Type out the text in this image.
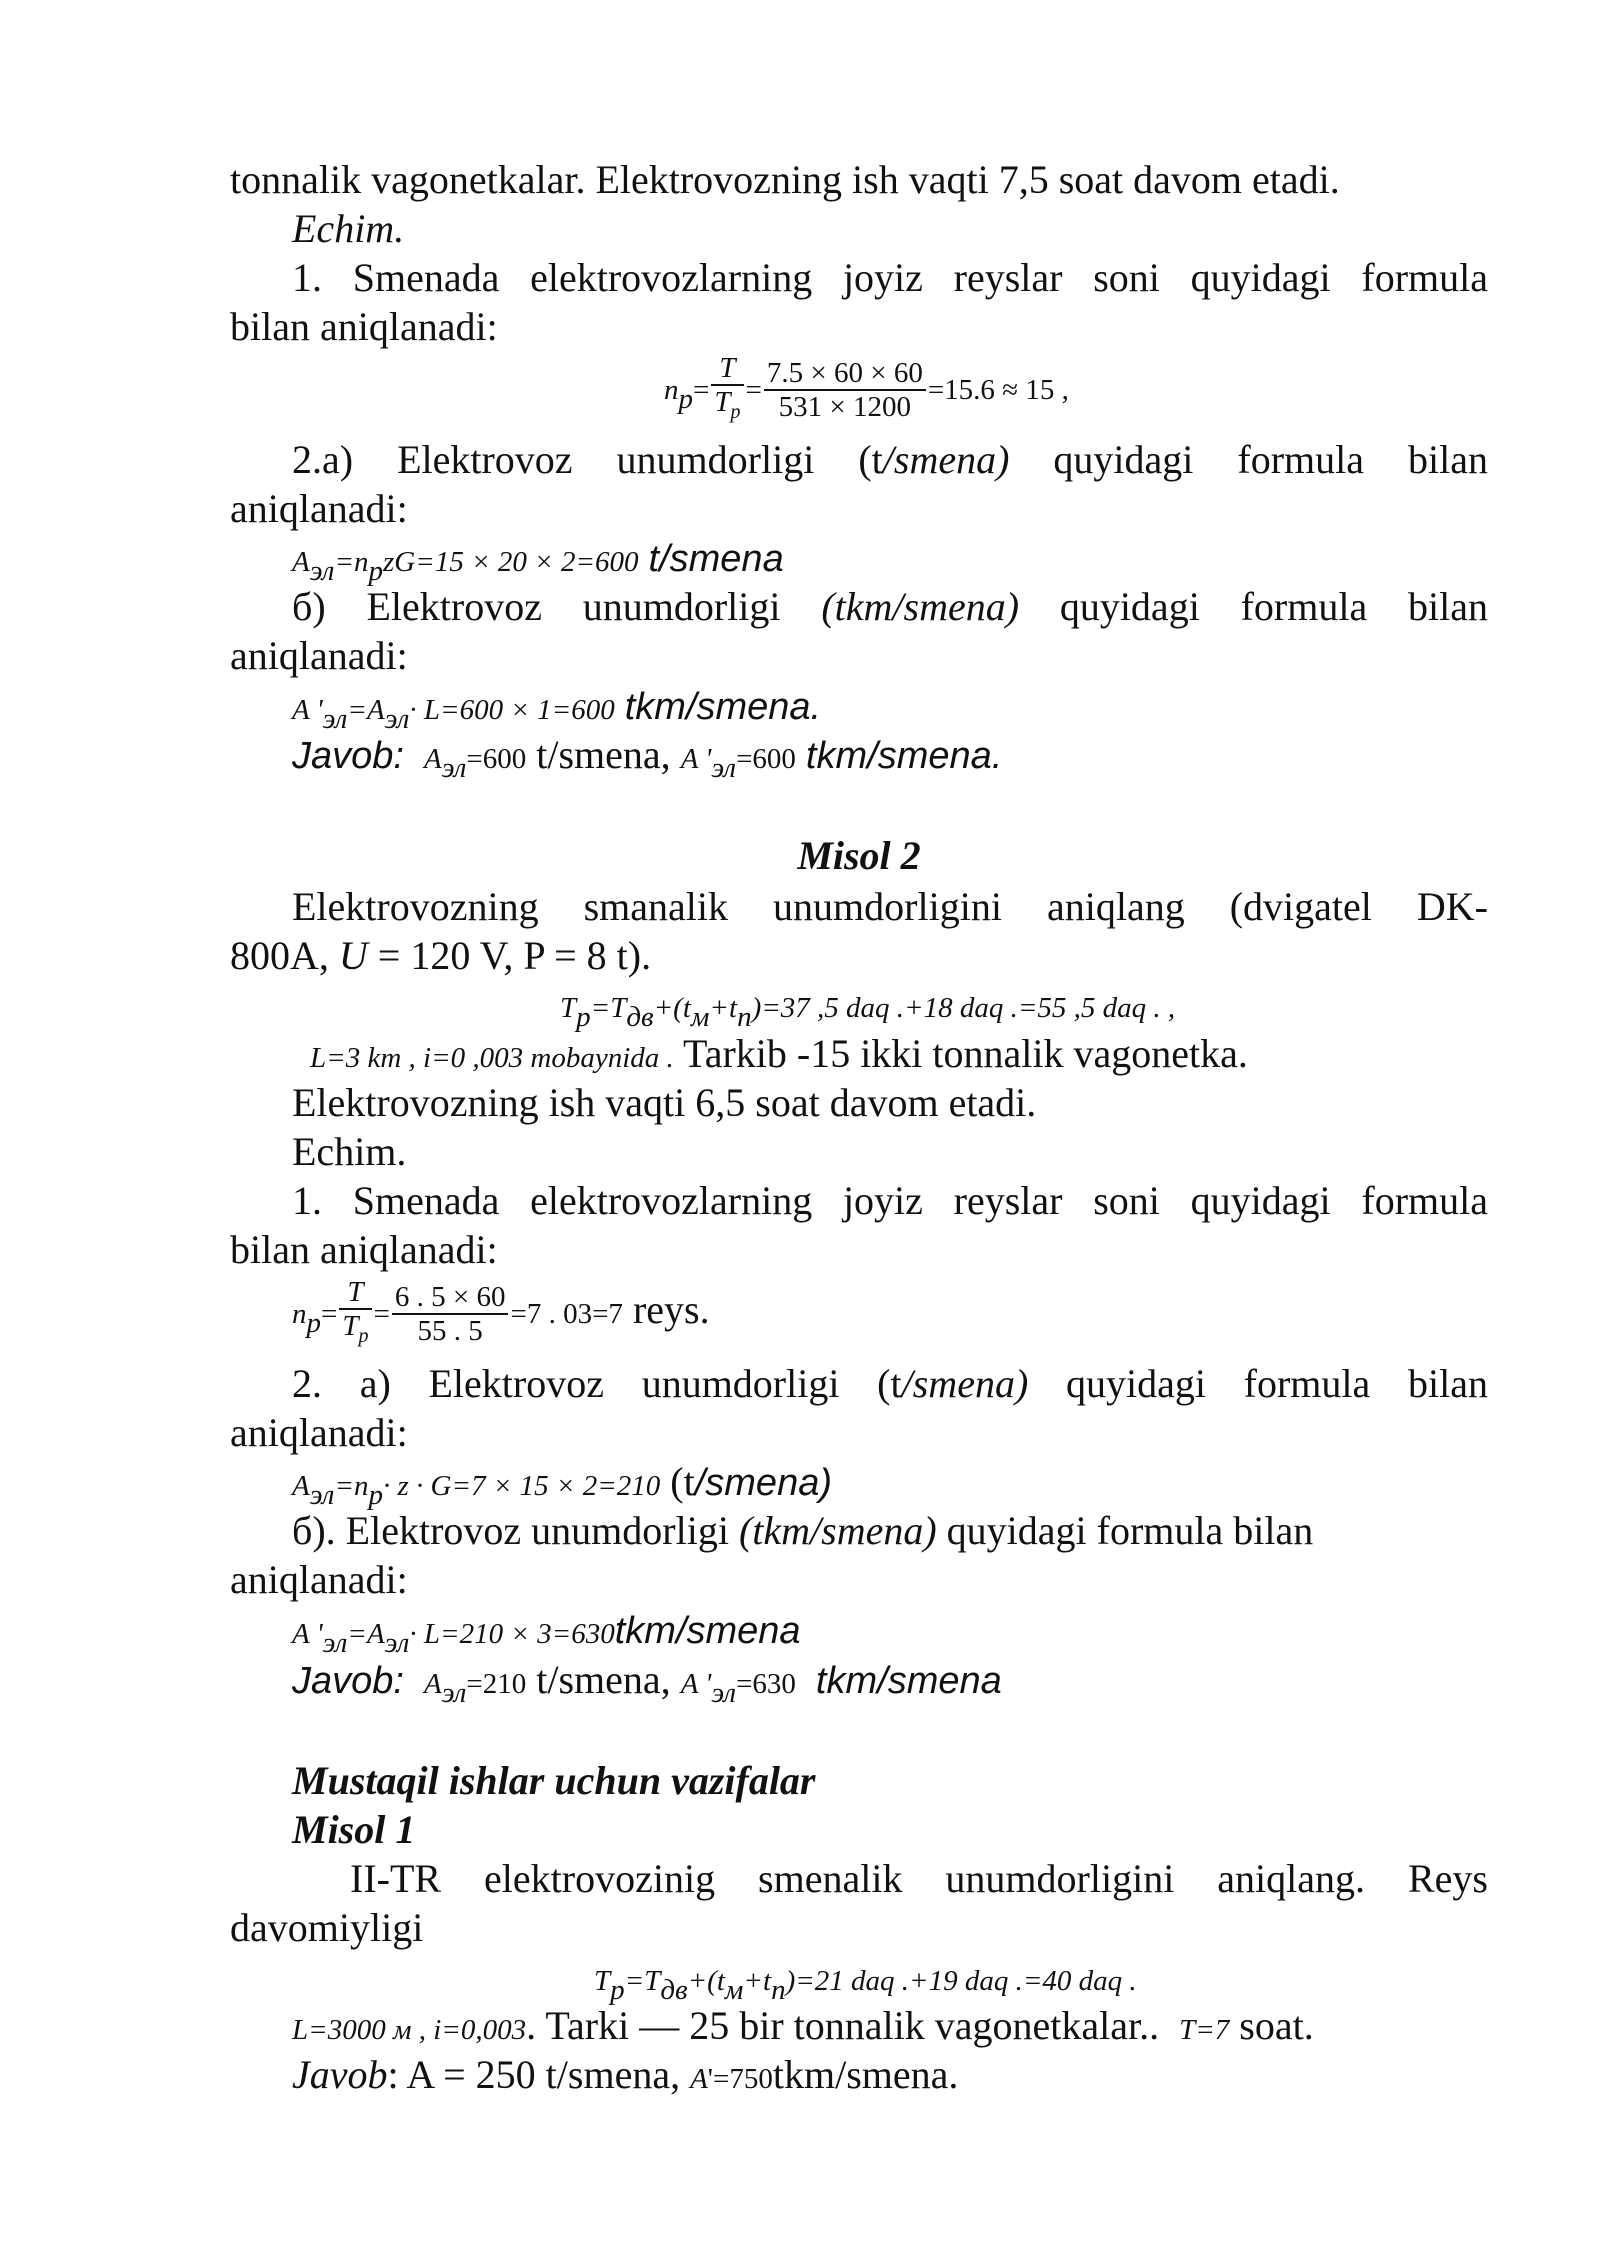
tonnalik vagonetkalar. Elektrovozning ish vaqti 7,5 soat davom etadi.
Echim.
1. Smenada elektrovozlarning joyiz reyslar soni quyidagi formula
bilan aniqlanadi:
$n_p= \frac{T}{T_p} = \frac{7.5 \times 60 \times 60}{531 \times 1200} =15.6 \approx 15$ ,
2.a)  Elektrovoz  unumdorligi  (t/smena)  quyidagi  formula  bilan
aniqlanadi:
$A_{эл}=n_pzG=15 \times 20 \times 2=600$ t/smena
б)  Elektrovoz  unumdorligi  (tkm/smena)  quyidagi  formula  bilan
aniqlanadi:
A '$_{эл}=A_{эл}\cdot L=600 \times 1=600$ tkm/smena.
Javob: $A_{эл}=600$ t/smena, A '$_{эл}=600$ tkm/smena.
Misol 2
Elektrovozning smanalik unumdorligini aniqlang (dvigatel DK-
800A, U = 120 V, P = 8 t).
$T_p=T_{дв}+(t_м+t_п)=37$ ,5 daq .+18 daq .=55 ,5 daq . ,
L=3 km , i=0 ,003 mobaynida . Tarkib -15 ikki tonnalik vagonetka.
Elektrovozning ish vaqti 6,5 soat davom etadi.
Echim.
1. Smenada elektrovozlarning joyiz reyslar soni quyidagi formula
bilan aniqlanadi:
$n_p= \frac{T}{T_p} = \frac{6 . 5 \times 60}{55 . 5} =7$ . 03=7 reys.
2.  a)  Elektrovoz  unumdorligi  (t/smena)  quyidagi  formula  bilan
aniqlanadi:
$A_{эл}=n_p\cdot z \cdot G=7 \times 15 \times 2=210$ (t/smena)
б). Elektrovoz unumdorligi (tkm/smena) quyidagi formula bilan
aniqlanadi:
A '$_{эл}=A_{эл}\cdot L=210$ × 3=630tkm/smena
Javob: $A_{эл}=210$ t/smena, A '$_{эл}=630$ tkm/smena
Mustaqil ishlar uchun vazifalar
Misol 1
II-TR elektrovozinig smenalik unumdorligini aniqlang. Reys
davomiyligi
$T_p=T_{дв}+(t_м+t_п)=21$ daq .+19 daq .=40 daq .
L=3000 м , i=0,003. Tarki — 25 bir tonnalik vagonetkalar.. T=7 soat.
Javob: A = 250 t/smena, A'=750tkm/smena.
